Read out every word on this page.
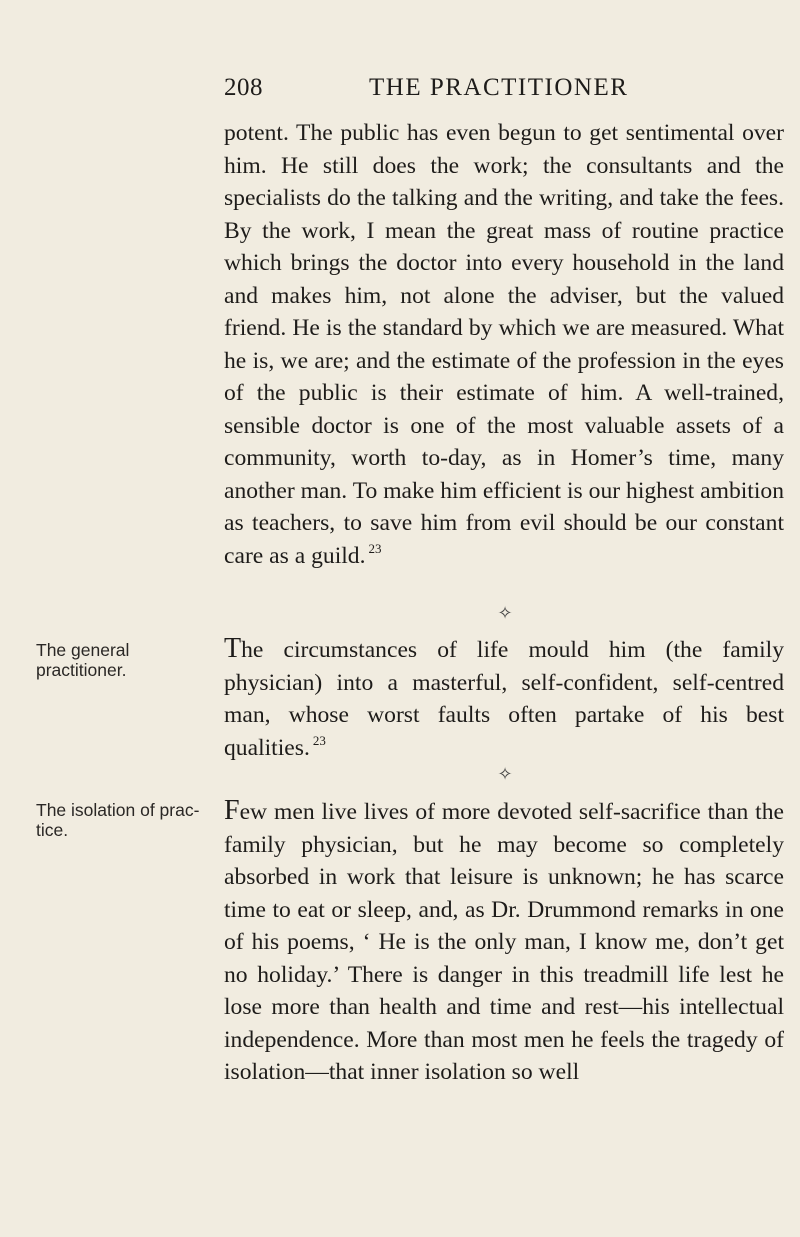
208	THE PRACTITIONER

potent. The public has even begun to get sentimental over him. He still does the work; the consultants and the specialists do the talking and the writing, and take the fees. By the work, I mean the great mass of routine practice which brings the doctor into every household in the land and makes him, not alone the adviser, but the valued friend. He is the standard by which we are measured. What he is, we are; and the estimate of the profession in the eyes of the public is their estimate of him. A well-trained, sensible doctor is one of the most valuable assets of a community, worth to-day, as in Homer’s time, many another man. To make him efficient is our highest ambition as teachers, to save him from evil should be our constant care as a guild. $^{23}$

✧

The general practitioner.

The circumstances of life mould him (the family physician) into a masterful, self-confident, self-centred man, whose worst faults often partake of his best qualities. $^{23}$

✧

The isolation of practice.

Few men live lives of more devoted self-sacrifice than the family physician, but he may become so completely absorbed in work that leisure is unknown; he has scarce time to eat or sleep, and, as Dr. Drummond remarks in one of his poems, ‘ He is the only man, I know me, don’t get no holiday.’ There is danger in this treadmill life lest he lose more than health and time and rest—his intellectual independence. More than most men he feels the tragedy of isolation—that inner isolation so well
